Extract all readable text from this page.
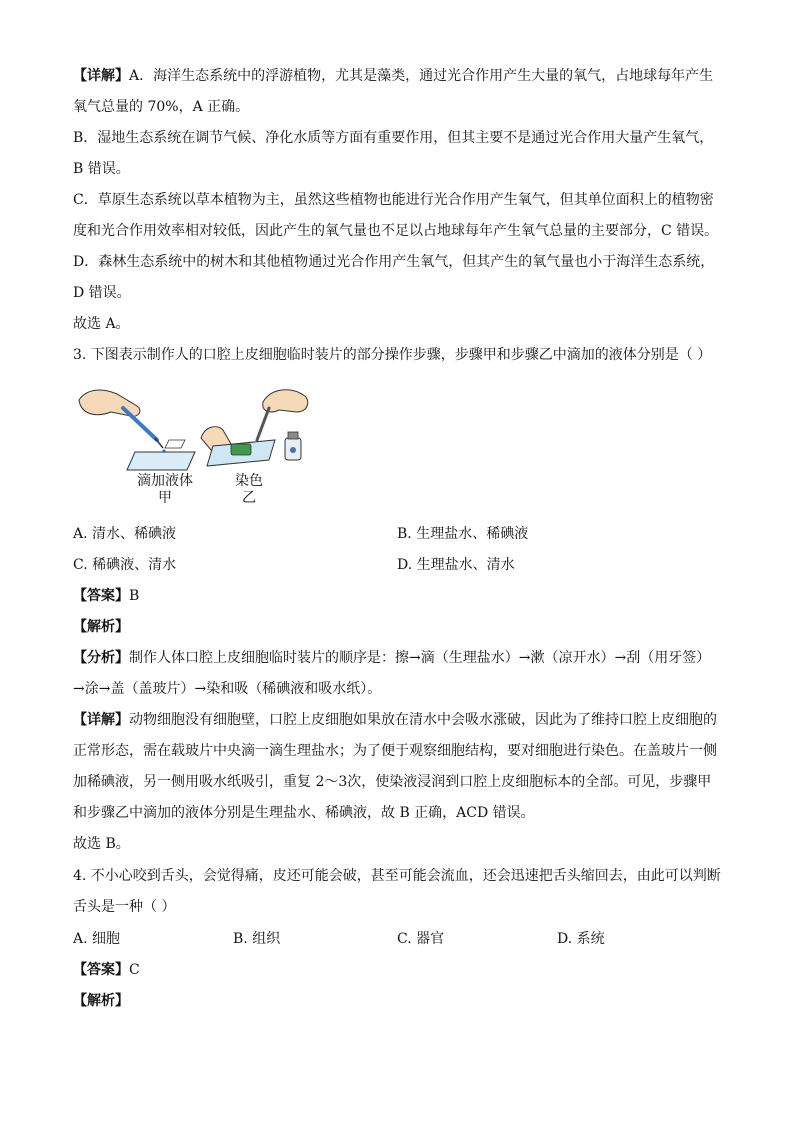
【详解】A．海洋生态系统中的浮游植物，尤其是藻类，通过光合作用产生大量的氧气，占地球每年产生
氧气总量的 70%，A 正确。
B．湿地生态系统在调节气候、净化水质等方面有重要作用，但其主要不是通过光合作用大量产生氧气，
B 错误。
C．草原生态系统以草本植物为主，虽然这些植物也能进行光合作用产生氧气，但其单位面积上的植物密
度和光合作用效率相对较低，因此产生的氧气量也不足以占地球每年产生氧气总量的主要部分，C 错误。
D．森林生态系统中的树木和其他植物通过光合作用产生氧气，但其产生的氧气量也小于海洋生态系统，
D 错误。
故选 A。
3. 下图表示制作人的口腔上皮细胞临时装片的部分操作步骤，步骤甲和步骤乙中滴加的液体分别是（ ）
滴加液体
甲
染色
乙
A. 清水、稀碘液	B. 生理盐水、稀碘液
C. 稀碘液、清水	D. 生理盐水、清水
【答案】B
【解析】
【分析】制作人体口腔上皮细胞临时装片的顺序是：擦→滴（生理盐水）→漱（凉开水）→刮（用牙签）
→涂→盖（盖玻片）→染和吸（稀碘液和吸水纸）。
【详解】动物细胞没有细胞壁，口腔上皮细胞如果放在清水中会吸水涨破，因此为了维持口腔上皮细胞的
正常形态，需在载玻片中央滴一滴生理盐水；为了便于观察细胞结构，要对细胞进行染色。在盖玻片一侧
加稀碘液，另一侧用吸水纸吸引，重复 2～3次，使染液浸润到口腔上皮细胞标本的全部。可见，步骤甲
和步骤乙中滴加的液体分别是生理盐水、稀碘液，故 B 正确，ACD 错误。
故选 B。
4. 不小心咬到舌头，会觉得痛，皮还可能会破，甚至可能会流血，还会迅速把舌头缩回去，由此可以判断
舌头是一种（ ）
A. 细胞	B. 组织	C. 器官	D. 系统
【答案】C
【解析】
